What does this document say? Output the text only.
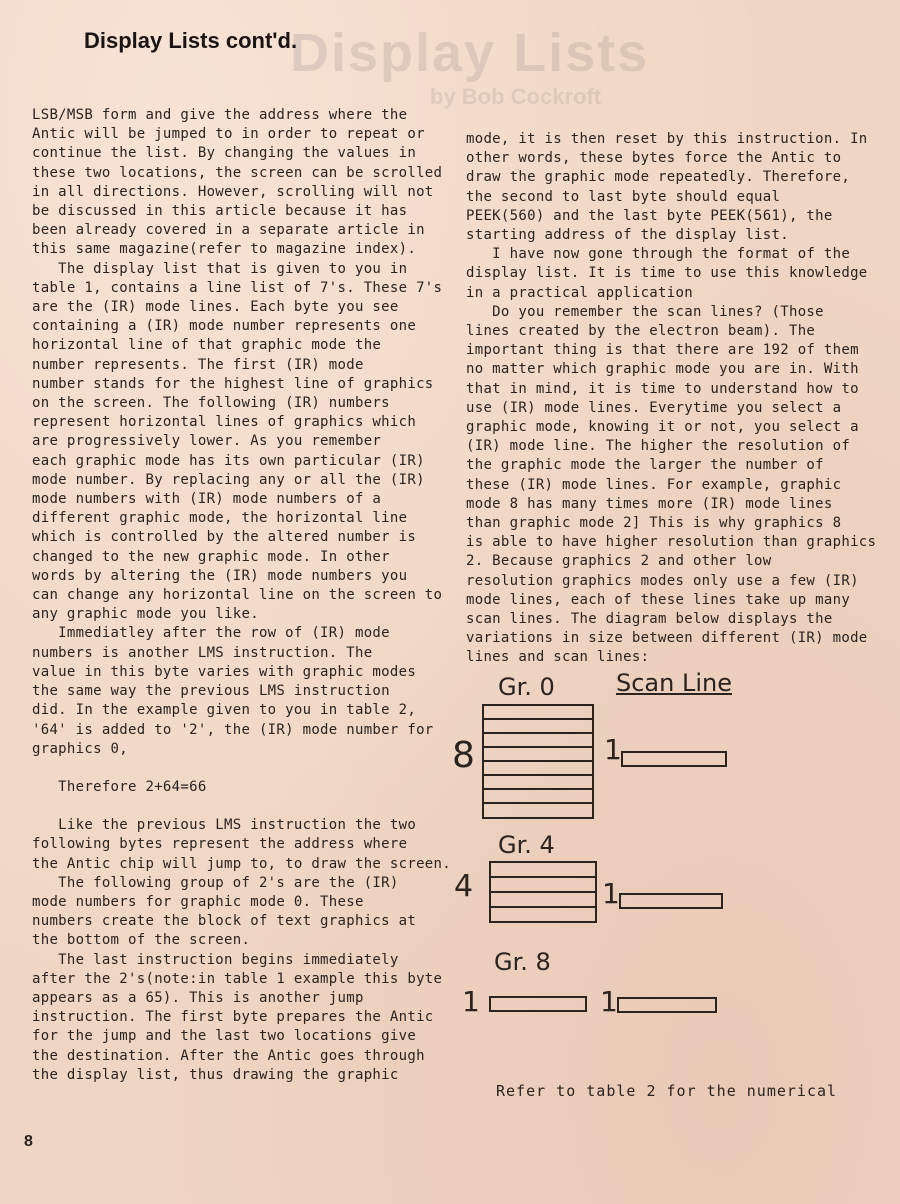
Display Lists
by Bob Cockroft
Display Lists cont'd.

LSB/MSB form and give the address where the

Antic will be jumped to in order to repeat or

continue the list. By changing the values in

these two locations, the screen can be scrolled

in all directions. However, scrolling will not

be discussed in this article because it has

been already covered in a separate article in

this same magazine(refer to magazine index).

The display list that is given to you in

table 1, contains a line list of 7's. These 7's

are the (IR) mode lines. Each byte you see

containing a (IR) mode number represents one

horizontal line of that graphic mode the

number represents. The first (IR) mode

number stands for the highest line of graphics

on the screen. The following (IR) numbers

represent horizontal lines of graphics which

are progressively lower. As you remember

each graphic mode has its own particular (IR)

mode number. By replacing any or all the (IR)

mode numbers with (IR) mode numbers of a

different graphic mode, the horizontal line

which is controlled by the altered number is

changed to the new graphic mode. In other

words by altering the (IR) mode numbers you

can change any horizontal line on the screen to

any graphic mode you like.

Immediatley after the row of (IR) mode

numbers is another LMS instruction. The

value in this byte varies with graphic modes

the same way the previous LMS instruction

did. In the example given to you in table 2,

'64' is added to '2', the (IR) mode number for

graphics 0,

Therefore 2+64=66

Like the previous LMS instruction the two

following bytes represent the address where

the Antic chip will jump to, to draw the screen.

The following group of 2's are the (IR)

mode numbers for graphic mode 0. These

numbers create the block of text graphics at

the bottom of the screen.

The last instruction begins immediately

after the 2's(note:in table 1 example this byte

appears as a 65). This is another jump

instruction. The first byte prepares the Antic

for the jump and the last two locations give

the destination. After the Antic goes through

the display list, thus drawing the graphic

mode, it is then reset by this instruction. In

other words, these bytes force the Antic to

draw the graphic mode repeatedly. Therefore,

the second to last byte should equal

PEEK(560) and the last byte PEEK(561), the

starting address of the display list.

I have now gone through the format of the

display list. It is time to use this knowledge

in a practical application

Do you remember the scan lines? (Those

lines created by the electron beam). The

important thing is that there are 192 of them

no matter which graphic mode you are in. With

that in mind, it is time to understand how to

use (IR) mode lines. Everytime you select a

graphic mode, knowing it or not, you select a

(IR) mode line. The higher the resolution of

the graphic mode the larger the number of

these (IR) mode lines. For example, graphic

mode 8 has many times more (IR) mode lines

than graphic mode 2] This is why graphics 8

is able to have higher resolution than graphics

2. Because graphics 2 and other low

resolution graphics modes only use a few (IR)

mode lines, each of these lines take up many

scan lines. The diagram below displays the

variations in size between different (IR) mode

lines and scan lines:

Gr. 0	Scan Line
8	1
Gr. 4
4	1
Gr. 8
1	1
Refer to table 2 for the numerical
8
